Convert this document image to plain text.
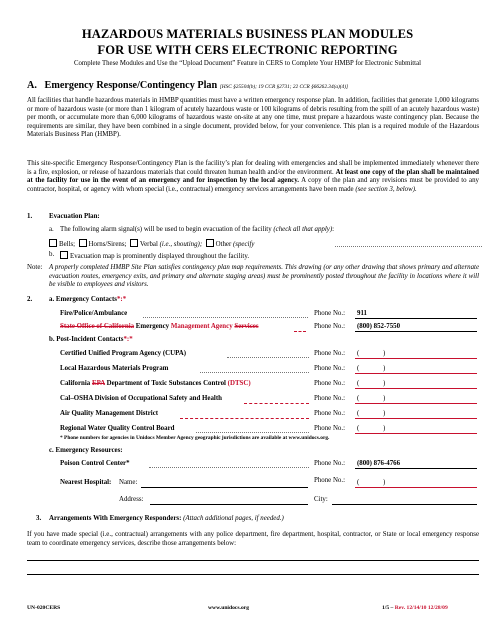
HAZARDOUS MATERIALS BUSINESS PLAN MODULES
FOR USE WITH CERS ELECTRONIC REPORTING
Complete These Modules and Use the “Upload Document” Feature in CERS to Complete Your HMBP for Electronic Submittal
A. Emergency Response/Contingency Plan [HSC §25504(b); 19 CCR §2731; 22 CCR §66262.34(a)(4)]
All facilities that handle hazardous materials in HMBP quantities must have a written emergency response plan. In addition, facilities that generate 1,000 kilograms or more of hazardous waste (or more than 1 kilogram of acutely hazardous waste or 100 kilograms of debris resulting from the spill of an acutely hazardous waste) per month, or accumulate more than 6,000 kilograms of hazardous waste on-site at any one time, must prepare a hazardous waste contingency plan. Because the requirements are similar, they have been combined in a single document, provided below, for your convenience. This plan is a required module of the Hazardous Materials Business Plan (HMBP).
This site-specific Emergency Response/Contingency Plan is the facility’s plan for dealing with emergencies and shall be implemented immediately whenever there is a fire, explosion, or release of hazardous materials that could threaten human health and/or the environment. At least one copy of the plan shall be maintained at the facility for use in the event of an emergency and for inspection by the local agency. A copy of the plan and any revisions must be provided to any contractor, hospital, or agency with whom special (i.e., contractual) emergency services arrangements have been made (see section 3, below).
1. Evacuation Plan:
a. The following alarm signal(s) will be used to begin evacuation of the facility (check all that apply):
Bells; Horns/Sirens; Verbal (i.e., shouting); Other (specify
b.	Evacuation map is prominently displayed throughout the facility.
Note: A properly completed HMBP Site Plan satisfies contingency plan map requirements. This drawing (or any other drawing that shows primary and alternate evacuation routes, emergency exits, and primary and alternate staging areas) must be prominently posted throughout the facility in locations where it will be visible to employees and visitors.
2. a. Emergency Contacts*:*
Fire/Police/Ambulance	Phone No.: 911
State Office of California Emergency Management Agency Services	Phone No.: (800) 852-7550
b. Post-Incident Contacts*:*
Certified Unified Program Agency (CUPA)	Phone No.: (	)
Local Hazardous Materials Program	Phone No.: (	)
California EPA Department of Toxic Substances Control (DTSC)	Phone No.: (	)
Cal–OSHA Division of Occupational Safety and Health	Phone No.: (	)
Air Quality Management District	Phone No.: (	)
Regional Water Quality Control Board	Phone No.: (	)
* Phone numbers for agencies in Unidocs Member Agency geographic jurisdictions are available at www.unidocs.org.
c. Emergency Resources:
Poison Control Center*	Phone No.: (800) 876-4766
Nearest Hospital: Name:	Phone No.: (	)
Address:	City:
3. Arrangements With Emergency Responders: (Attach additional pages, if needed.)
If you have made special (i.e., contractual) arrangements with any police department, fire department, hospital, contractor, or State or local emergency response team to coordinate emergency services, describe those arrangements below:
UN-020CERS	www.unidocs.org	1/5 – Rev. 12/14/10 12/28/09
